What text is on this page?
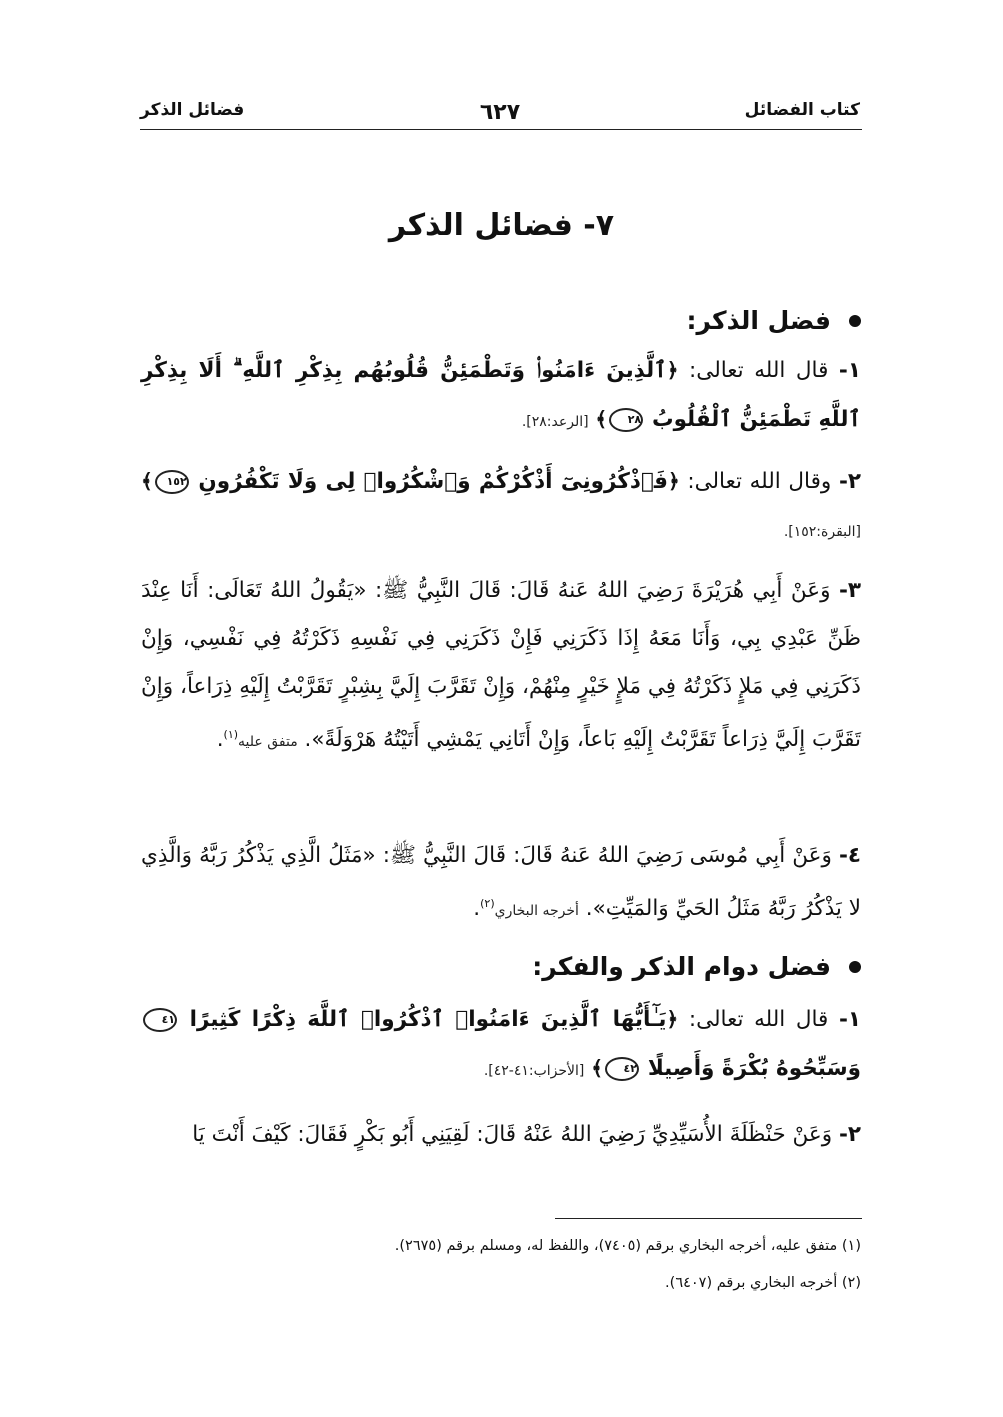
كتاب الفضائل
٦٢٧
فضائل الذكر
٧- فضائل الذكر
فضل الذكر:
١- قال الله تعالى: ﴿ٱلَّذِينَ ءَامَنُوا۟ وَتَطْمَئِنُّ قُلُوبُهُم بِذِكْرِ ٱللَّهِ ۗ أَلَا بِذِكْرِ ٱللَّهِ تَطْمَئِنُّ ٱلْقُلُوبُ ٢٨﴾ [الرعد:٢٨].
٢- وقال الله تعالى: ﴿فَٱذْكُرُونِىٓ أَذْكُرْكُمْ وَٱشْكُرُوا۟ لِى وَلَا تَكْفُرُونِ ١٥٢﴾ [البقرة:١٥٢].
٣- وَعَنْ أَبِي هُرَيْرَةَ رَضِيَ اللهُ عَنهُ قَالَ: قَالَ النَّبِيُّ ﷺ: «يَقُولُ اللهُ تَعَالَى: أَنَا عِنْدَ ظَنِّ عَبْدِي بِي، وَأَنَا مَعَهُ إِذَا ذَكَرَنِي فَإِنْ ذَكَرَنِي فِي نَفْسِهِ ذَكَرْتُهُ فِي نَفْسِي، وَإِنْ ذَكَرَنِي فِي مَلإٍ ذَكَرْتُهُ فِي مَلإٍ خَيْرٍ مِنْهُمْ، وَإِنْ تَقَرَّبَ إِلَيَّ بِشِبْرٍ تَقَرَّبْتُ إِلَيْهِ ذِرَاعاً، وَإِنْ تَقَرَّبَ إِلَيَّ ذِرَاعاً تَقَرَّبْتُ إِلَيْهِ بَاعاً، وَإِنْ أَتَانِي يَمْشِي أَتَيْتُهُ هَرْوَلَةً». متفق عليه$^{(١)}$.
٤- وَعَنْ أَبِي مُوسَى رَضِيَ اللهُ عَنهُ قَالَ: قَالَ النَّبِيُّ ﷺ: «مَثَلُ الَّذِي يَذْكُرُ رَبَّهُ وَالَّذِي لا يَذْكُرُ رَبَّهُ مَثَلُ الحَيِّ وَالمَيِّتِ». أخرجه البخاري$^{(٢)}$.
فضل دوام الذكر والفكر:
١- قال الله تعالى: ﴿يَـٰٓأَيُّهَا ٱلَّذِينَ ءَامَنُوا۟ ٱذْكُرُوا۟ ٱللَّهَ ذِكْرًا كَثِيرًا ٤١ وَسَبِّحُوهُ بُكْرَةً وَأَصِيلًا ٤٢﴾ [الأحزاب:٤١-٤٢].
٢- وَعَنْ حَنْظَلَةَ الأُسَيِّدِيِّ رَضِيَ اللهُ عَنْهُ قَالَ: لَقِيَنِي أَبُو بَكْرٍ فَقَالَ: كَيْفَ أَنْتَ يَا
(١) متفق عليه، أخرجه البخاري برقم (٧٤٠٥)، واللفظ له، ومسلم برقم (٢٦٧٥).
(٢) أخرجه البخاري برقم (٦٤٠٧).
